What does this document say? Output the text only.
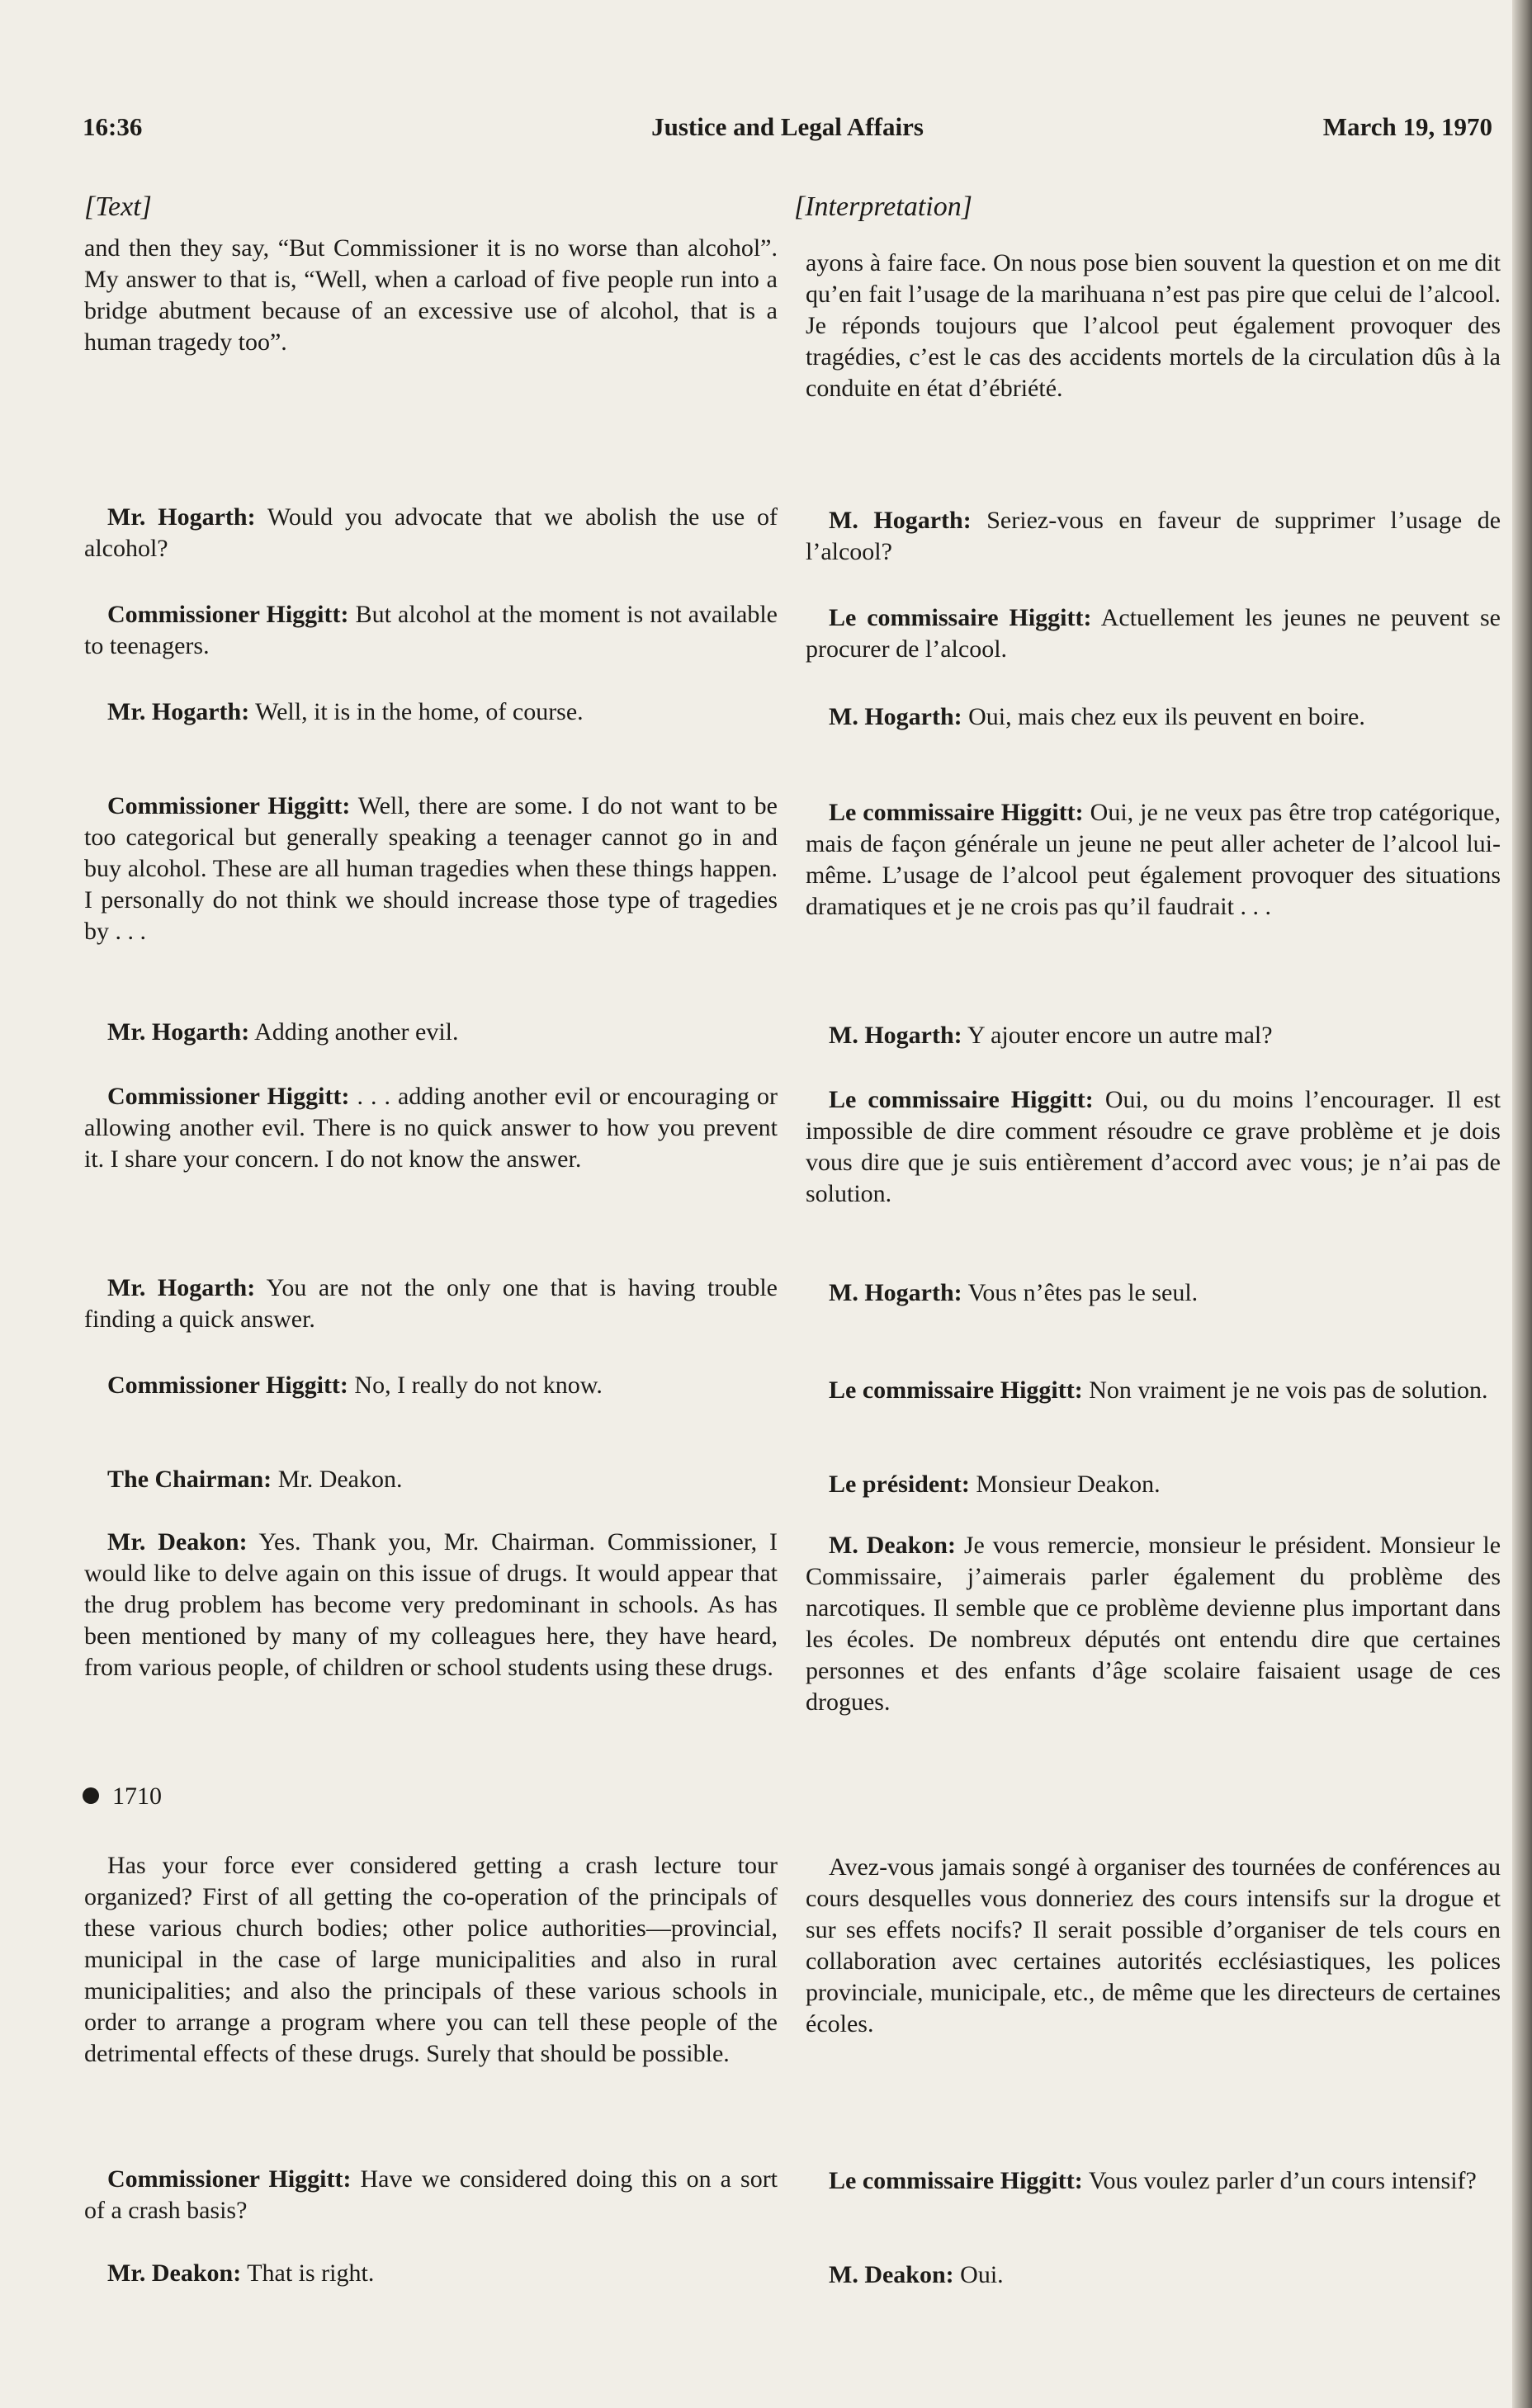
16:36	Justice and Legal Affairs	March 19, 1970
[Text]	[Interpretation]

and then they say, “But Commissioner it is no worse than alcohol”. My answer to that is, “Well, when a carload of five people run into a bridge abutment because of an excessive use of alcohol, that is a human tragedy too”.

Mr. Hogarth: Would you advocate that we abolish the use of alcohol?

Commissioner Higgitt: But alcohol at the moment is not available to teenagers.

Mr. Hogarth: Well, it is in the home, of course.

Commissioner Higgitt: Well, there are some. I do not want to be too categorical but generally speaking a teenager cannot go in and buy alcohol. These are all human tragedies when these things happen. I personally do not think we should increase those type of tragedies by . . .

Mr. Hogarth: Adding another evil.

Commissioner Higgitt: . . . adding another evil or encouraging or allowing another evil. There is no quick answer to how you prevent it. I share your concern. I do not know the answer.

Mr. Hogarth: You are not the only one that is having trouble finding a quick answer.

Commissioner Higgitt: No, I really do not know.

The Chairman: Mr. Deakon.

Mr. Deakon: Yes. Thank you, Mr. Chairman. Commissioner, I would like to delve again on this issue of drugs. It would appear that the drug problem has become very predominant in schools. As has been mentioned by many of my colleagues here, they have heard, from various people, of children or school students using these drugs.

1710

Has your force ever considered getting a crash lecture tour organized? First of all getting the co-operation of the principals of these various church bodies; other police authorities—provincial, municipal in the case of large municipalities and also in rural municipalities; and also the principals of these various schools in order to arrange a program where you can tell these people of the detrimental effects of these drugs. Surely that should be possible.

Commissioner Higgitt: Have we considered doing this on a sort of a crash basis?

Mr. Deakon: That is right.

ayons à faire face. On nous pose bien souvent la question et on me dit qu’en fait l’usage de la marihuana n’est pas pire que celui de l’alcool. Je réponds toujours que l’alcool peut également provoquer des tragédies, c’est le cas des accidents mortels de la circulation dûs à la conduite en état d’ébriété.

M. Hogarth: Seriez-vous en faveur de supprimer l’usage de l’alcool?

Le commissaire Higgitt: Actuellement les jeunes ne peuvent se procurer de l’alcool.

M. Hogarth: Oui, mais chez eux ils peuvent en boire.

Le commissaire Higgitt: Oui, je ne veux pas être trop catégorique, mais de façon générale un jeune ne peut aller acheter de l’alcool lui-même. L’usage de l’alcool peut également provoquer des situations dramatiques et je ne crois pas qu’il faudrait . . .

M. Hogarth: Y ajouter encore un autre mal?

Le commissaire Higgitt: Oui, ou du moins l’encourager. Il est impossible de dire comment résoudre ce grave problème et je dois vous dire que je suis entièrement d’accord avec vous; je n’ai pas de solution.

M. Hogarth: Vous n’êtes pas le seul.

Le commissaire Higgitt: Non vraiment je ne vois pas de solution.

Le président: Monsieur Deakon.

M. Deakon: Je vous remercie, monsieur le président. Monsieur le Commissaire, j’aimerais parler également du problème des narcotiques. Il semble que ce problème devienne plus important dans les écoles. De nombreux députés ont entendu dire que certaines personnes et des enfants d’âge scolaire faisaient usage de ces drogues.

Avez-vous jamais songé à organiser des tournées de conférences au cours desquelles vous donneriez des cours intensifs sur la drogue et sur ses effets nocifs? Il serait possible d’organiser de tels cours en collaboration avec certaines autorités ecclésiastiques, les polices provinciale, municipale, etc., de même que les directeurs de certaines écoles.

Le commissaire Higgitt: Vous voulez parler d’un cours intensif?

M. Deakon: Oui.
